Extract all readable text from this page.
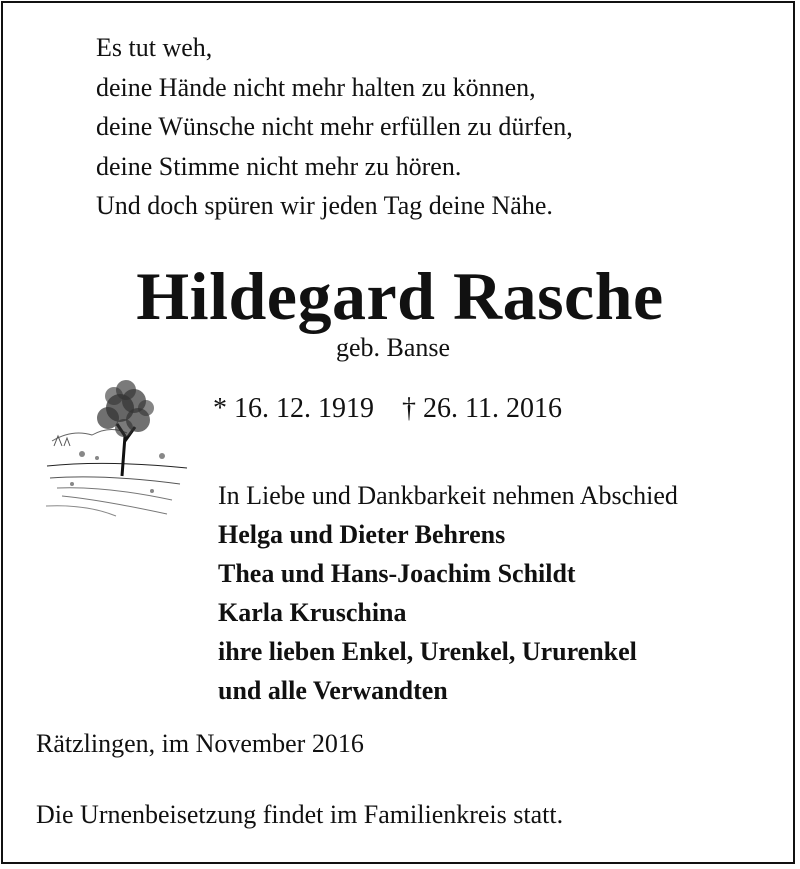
Es tut weh,
deine Hände nicht mehr halten zu können,
deine Wünsche nicht mehr erfüllen zu dürfen,
deine Stimme nicht mehr zu hören.
Und doch spüren wir jeden Tag deine Nähe.
Hildegard Rasche
geb. Banse
* 16. 12. 1919 † 26. 11. 2016
In Liebe und Dankbarkeit nehmen Abschied
Helga und Dieter Behrens
Thea und Hans-Joachim Schildt
Karla Kruschina
ihre lieben Enkel, Urenkel, Ururenkel
und alle Verwandten
Rätzlingen, im November 2016
Die Urnenbeisetzung findet im Familienkreis statt.
